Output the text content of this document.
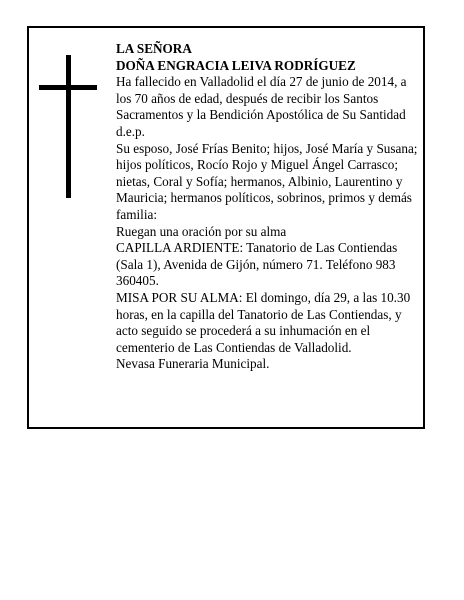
LA SEÑORA

DOÑA ENGRACIA LEIVA RODRÍGUEZ

Ha fallecido en Valladolid el día 27 de junio de 2014, a los 70 años de edad, después de recibir los Santos Sacramentos y la Bendición Apostólica de Su Santidad d.e.p.

Su esposo, José Frías Benito; hijos, José María y Susana; hijos políticos, Rocío Rojo y Miguel Ángel Carrasco; nietas, Coral y Sofía; hermanos, Albinio, Laurentino y Mauricia; hermanos políticos, sobrinos, primos y demás familia:

Ruegan una oración por su alma

CAPILLA ARDIENTE: Tanatorio de Las Contiendas (Sala 1), Avenida de Gijón, número 71. Teléfono 983 360405.

MISA POR SU ALMA: El domingo, día 29, a las 10.30 horas, en la capilla del Tanatorio de Las Contiendas, y acto seguido se procederá a su inhumación en el cementerio de Las Contiendas de Valladolid.

Nevasa Funeraria Municipal.
